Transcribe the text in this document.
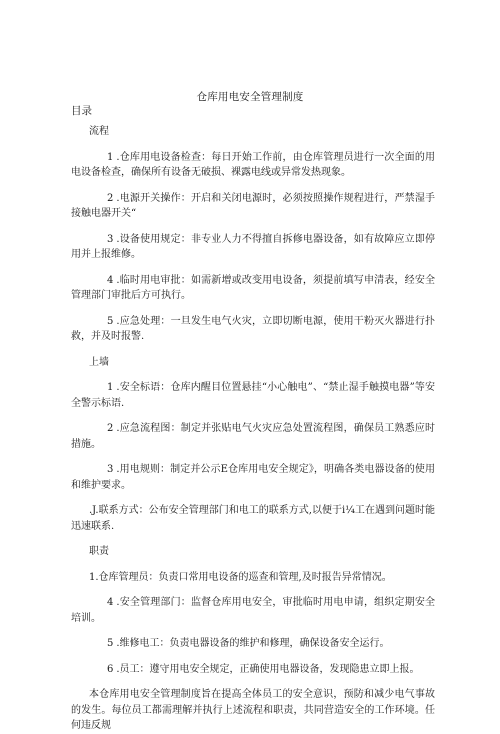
仓库用电安全管理制度
目录
流程

1 .仓库用电设备检查：每日开始工作前，由仓库管理员进行一次全面的用电设备检查，确保所有设备无破损、裸露电线或异常发热现象。

2 .电源开关操作：开启和关闭电源时，必须按照操作规程进行，严禁湿手接触电器开关“

3 .设备使用规定：非专业人力不得擅自拆修电器设备，如有故障应立即停用并上报维修。

4 .临时用电审批：如需新增或改变用电设备，须提前填写申清表，经安全管理部门审批后方可执行。

5 .应急处理：一旦发生电气火灾，立即切断电源，使用干粉灭火器进行扑救，并及时报警.

上墙

1 .安全标语：仓库内醒目位置悬挂“小心触电”、“禁止湿手触摸电器”等安全警示标语.

2 .应急流程图：制定并张贴电气火灾应急处置流程图，确保员工熟悉应时措施。

3 .用电规则：制定并公示E仓库用电安全规定》，明确各类电器设备的使用和维护要求。

.J.联系方式：公布安全管理部门和电工的联系方式,以便于i¼工在遇到问题时能迅速联系.

职责

1.仓库管理员：负责口常用电设备的巡查和管理,及时报告异常情况。

4 .安全管理部门：监督仓库用电安全，审批临时用电申请，组织定期安全培训。

5 .维修电工：负责电器设备的维护和修理，确保设备安全运行。

6 .员工：遵守用电安全规定，正确使用电器设备，发现隐患立即上报。

本仓库用电安全管理制度旨在提高全体员工的安全意识，预防和减少电气事故的发生。每位员工都需理解并执行上述流程和职责，共同营造安全的工作环境。任何违反规
